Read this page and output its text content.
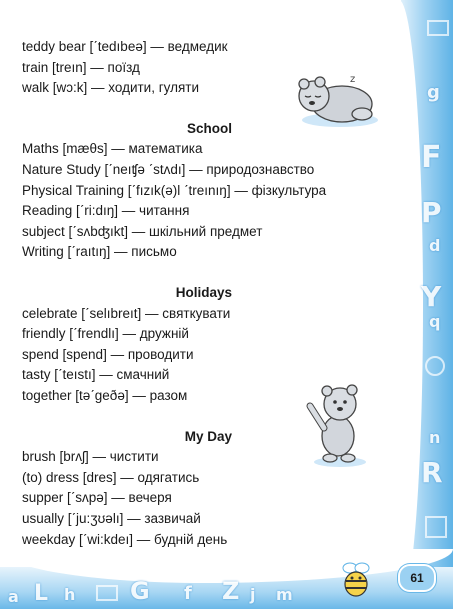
g
F
P
d
Y
q
n
R
a L h G f Z j m
teddy bear [ˊtedıbeə] — ведмедик
train [treın] — поїзд
walk [wɔ:k] — ходити, гуляти
School
Maths [mæθs] — математика
Nature Study [ˊneıʧə ˊstʌdı] — природознавство
Physical Training [ˊfızık(ə)l ˊtreınıŋ] — фізкультура
Reading [ˊri:dıŋ] — читання
subject [ˊsʌbʤıkt] — шкільний предмет
Writing [ˊraıtıŋ] — письмо
Holidays
celebrate [ˊselıbreıt] — святкувати
friendly [ˊfrendlı] — дружній
spend [spend] — проводити
tasty [ˊteıstı] — смачний
together [təˊgeðə] — разом
My Day
brush [brʌʃ] — чистити
(to) dress [dres] — одягатись
supper [ˊsʌpə] — вечеря
usually [ˊju:ʒʊəlı] — зазвичай
weekday [ˊwi:kdeı] — будній день
z
61
